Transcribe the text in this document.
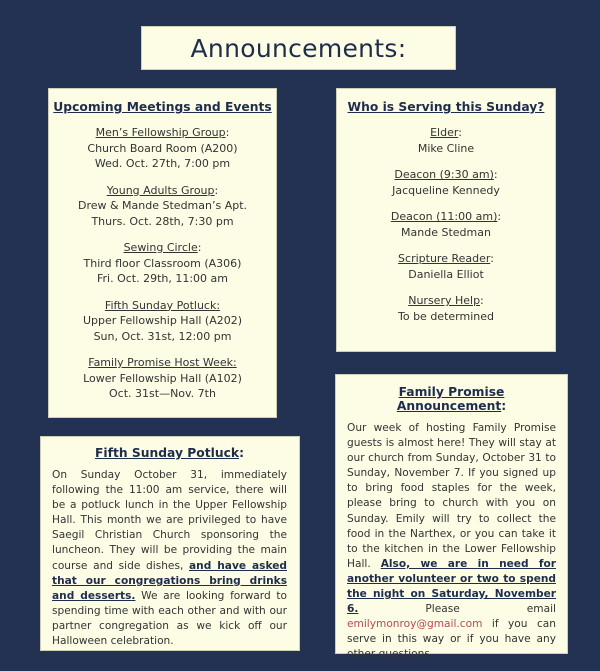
Announcements:
Upcoming Meetings and Events
Men’s Fellowship Group:
Church Board Room (A200)
Wed. Oct. 27th, 7:00 pm
Young Adults Group:
Drew & Mande Stedman’s Apt.
Thurs. Oct. 28th, 7:30 pm
Sewing Circle:
Third floor Classroom (A306)
Fri. Oct. 29th, 11:00 am
Fifth Sunday Potluck:
Upper Fellowship Hall (A202)
Sun, Oct. 31st, 12:00 pm
Family Promise Host Week:
Lower Fellowship Hall (A102)
Oct. 31st—Nov. 7th
Who is Serving this Sunday?
Elder:
Mike Cline
Deacon (9:30 am):
Jacqueline Kennedy
Deacon (11:00 am):
Mande Stedman
Scripture Reader:
Daniella Elliot
Nursery Help:
To be determined
Fifth Sunday Potluck:
On Sunday October 31, immediately following the 11:00 am service, there will be a potluck lunch in the Upper Fellowship Hall. This month we are privileged to have Saegil Christian Church sponsoring the luncheon. They will be providing the main course and side dishes, and have asked that our congregations bring drinks and desserts. We are looking forward to spending time with each other and with our partner congregation as we kick off our Halloween celebration.
Family Promise Announcement:
Our week of hosting Family Promise guests is almost here! They will stay at our church from Sunday, October 31 to Sunday, November 7. If you signed up to bring food staples for the week, please bring to church with you on Sunday. Emily will try to collect the food in the Narthex, or you can take it to the kitchen in the Lower Fellowship Hall. Also, we are in need for another volunteer or two to spend the night on Saturday, November 6. Please email emilymonroy@gmail.com if you can serve in this way or if you have any other questions.
